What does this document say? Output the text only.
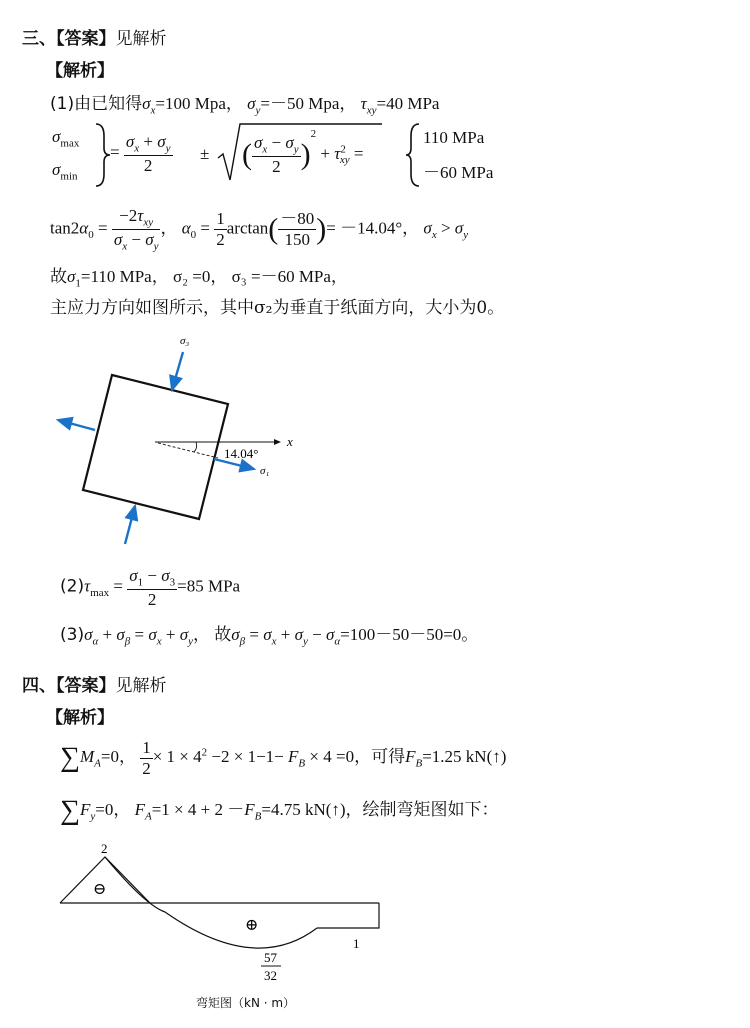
三、【答案】见解析
【解析】
(1)由已知得$\sigma_x=100$ Mpa， $\sigma_y=-50$ Mpa， $\tau_{xy}=40$ MPa
$\sigma_{max}$
$\sigma_{min}$
= $\frac{\sigma_x + \sigma_y}{2}$ ± ( $\frac{\sigma_x - \sigma_y}{2} )^2 + \tau^2_{xy}$ =
110 MPa
－60 MPa
$\tan 2\alpha_0 = \frac{-2\tau_{xy}}{\sigma_x - \sigma_y}$ ， $\alpha_0 = \frac{1}{2} \arctan( \frac{-80}{150}$ )= －14.04°， $\sigma_x > \sigma_y$
故$\sigma_1=110$ MPa， σ₂ =0， σ₃ =－60 MPa，
主应力方向如图所示，其中σ₂为垂直于纸面方向，大小为0。
σ₃
σ₁
x
14.04°
$(2)\tau_{max} = \frac{\sigma_1 - \sigma_3}{2} =85$ MPa
$(3)\sigma_\alpha + \sigma_\beta = \sigma_x + \sigma_y$， 故$\sigma_\beta = \sigma_x + \sigma_y - \sigma_\alpha=100-50-50=0$。
四、【答案】见解析
【解析】
$\sum M_A=0$， $\frac{1}{2} \times 1 \times 4^2 -2 \times 1-1- F_B \times 4 =0$，可得$F_B=1.25$ kN(↑)
$\sum F_y=0$， $F_A=1 \times 4 + 2 -F_B=4.75$ kN(↑)，绘制弯矩图如下：
2
⊖
⊕
1
57
32
弯矩图（kN · m）
